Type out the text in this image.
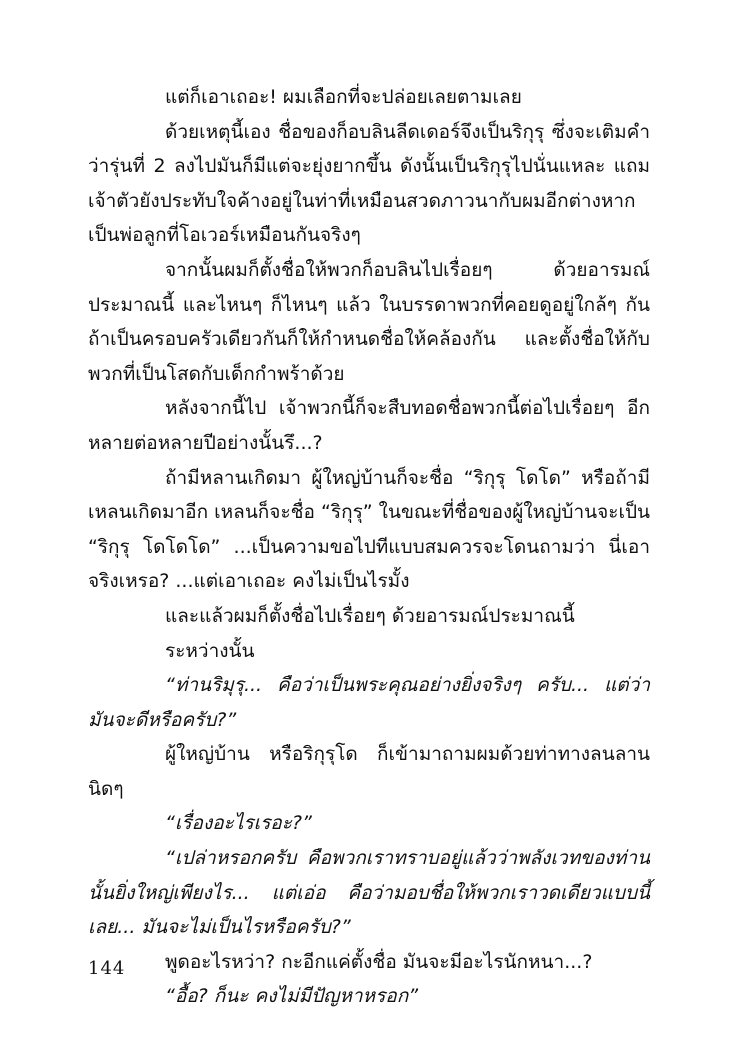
แต่ก็เอาเถอะ! ผมเลือกที่จะปล่อยเลยตามเลย

ด้วยเหตุนี้เอง ชื่อของก็อบลินลีดเดอร์จึงเป็นริกุรุ ซึ่งจะเติมคำว่ารุ่นที่ 2 ลงไปมันก็มีแต่จะยุ่งยากขึ้น ดังนั้นเป็นริกุรุไปนั่นแหละ แถมเจ้าตัวยังประทับใจค้างอยู่ในท่าที่เหมือนสวดภาวนากับผมอีกต่างหาก เป็นพ่อลูกที่โอเวอร์เหมือนกันจริงๆ

จากนั้นผมก็ตั้งชื่อให้พวกก็อบลินไปเรื่อยๆ ด้วยอารมณ์ประมาณนี้ และไหนๆ ก็ไหนๆ แล้ว ในบรรดาพวกที่คอยดูอยู่ใกล้ๆ กัน ถ้าเป็นครอบครัวเดียวกันก็ให้กำหนดชื่อให้คล้องกัน และตั้งชื่อให้กับพวกที่เป็นโสดกับเด็กกำพร้าด้วย

หลังจากนี้ไป เจ้าพวกนี้ก็จะสืบทอดชื่อพวกนี้ต่อไปเรื่อยๆ อีกหลายต่อหลายปีอย่างนั้นรึ...?

ถ้ามีหลานเกิดมา ผู้ใหญ่บ้านก็จะชื่อ “ริกุรุ โดโด” หรือถ้ามีเหลนเกิดมาอีก เหลนก็จะชื่อ “ริกุรุ” ในขณะที่ชื่อของผู้ใหญ่บ้านจะเป็น “ริกุรุ โดโดโด” ...เป็นความขอไปทีแบบสมควรจะโดนถามว่า นี่เอาจริงเหรอ? ...แต่เอาเถอะ คงไม่เป็นไรมั้ง

และแล้วผมก็ตั้งชื่อไปเรื่อยๆ ด้วยอารมณ์ประมาณนี้

ระหว่างนั้น

“ท่านริมุรุ... คือว่าเป็นพระคุณอย่างยิ่งจริงๆ ครับ... แต่ว่า มันจะดีหรือครับ?”

ผู้ใหญ่บ้าน หรือริกุรุโด ก็เข้ามาถามผมด้วยท่าทางลนลานนิดๆ

“เรื่องอะไรเรอะ?”

“เปล่าหรอกครับ คือพวกเราทราบอยู่แล้วว่าพลังเวทของท่านนั้นยิ่งใหญ่เพียงไร... แต่เอ่อ คือว่ามอบชื่อให้พวกเราวดเดียวแบบนี้เลย... มันจะไม่เป็นไรหรือครับ?”

พูดอะไรหว่า? กะอีกแค่ตั้งชื่อ มันจะมีอะไรนักหนา...?

“อื้อ? ก็นะ คงไม่มีปัญหาหรอก”

144
